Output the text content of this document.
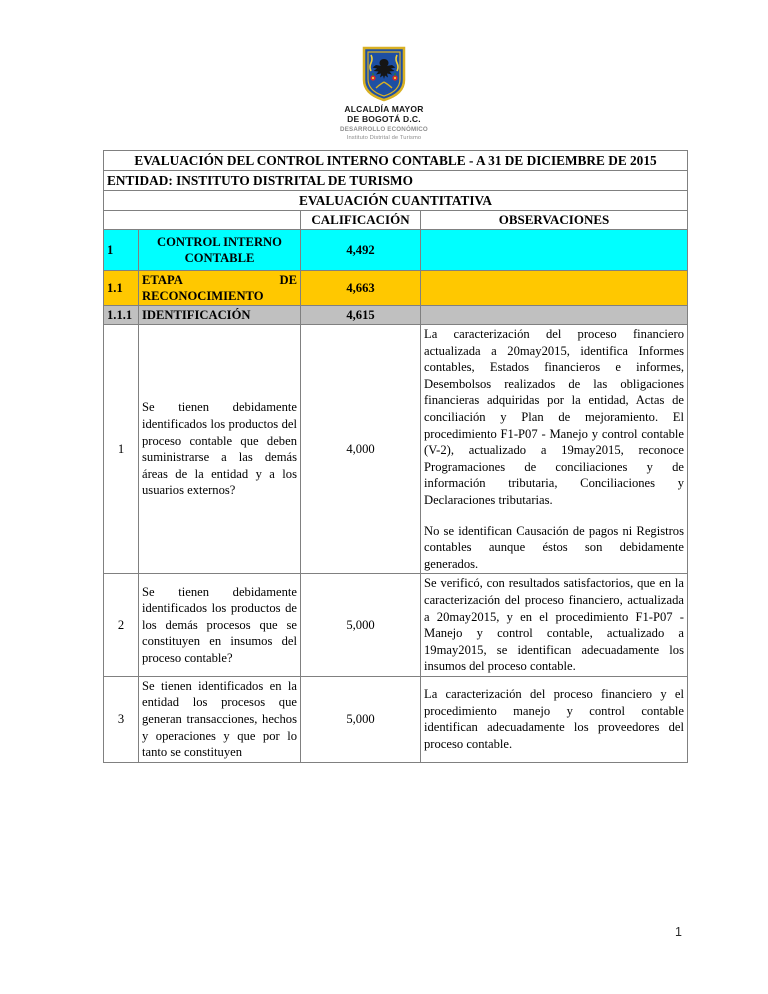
ALCALDÍA MAYOR
DE BOGOTÁ D.C.
DESARROLLO ECONÓMICO
Instituto Distrital de Turismo
EVALUACIÓN DEL CONTROL INTERNO CONTABLE - A 31 DE DICIEMBRE DE 2015			
ENTIDAD: INSTITUTO DISTRITAL DE TURISMO			
EVALUACIÓN CUANTITATIVA			
		CALIFICACIÓN	OBSERVACIONES
1	CONTROL INTERNO CONTABLE	4,492	
1.1	ETAPA DE RECONOCIMIENTO	4,663	
1.1.1	IDENTIFICACIÓN	4,615	
1	Se tienen debidamente identificados los productos del proceso contable que deben suministrarse a las demás áreas de la entidad y a los usuarios externos?	4,000	La caracterización del proceso financiero actualizada a 20may2015, identifica Informes contables, Estados financieros e informes, Desembolsos realizados de las obligaciones financieras adquiridas por la entidad, Actas de conciliación y Plan de mejoramiento. El procedimiento F1-P07 - Manejo y control contable (V-2), actualizado a 19may2015, reconoce Programaciones de conciliaciones y de información tributaria, Conciliaciones y Declaraciones tributarias.

No se identifican Causación de pagos ni Registros contables aunque éstos son debidamente generados.

2	Se tienen debidamente identificados los productos de los demás procesos que se constituyen en insumos del proceso contable?	5,000	Se verificó, con resultados satisfactorios, que en la caracterización del proceso financiero, actualizada a 20may2015, y en el procedimiento F1-P07 - Manejo y control contable, actualizado a 19may2015, se identifican adecuadamente los insumos del proceso contable.

3	Se tienen identificados en la entidad los procesos que generan transacciones, hechos y operaciones y que por lo tanto se constituyen	5,000	La caracterización del proceso financiero y el procedimiento manejo y control contable identifican adecuadamente los proveedores del proceso contable.

1
